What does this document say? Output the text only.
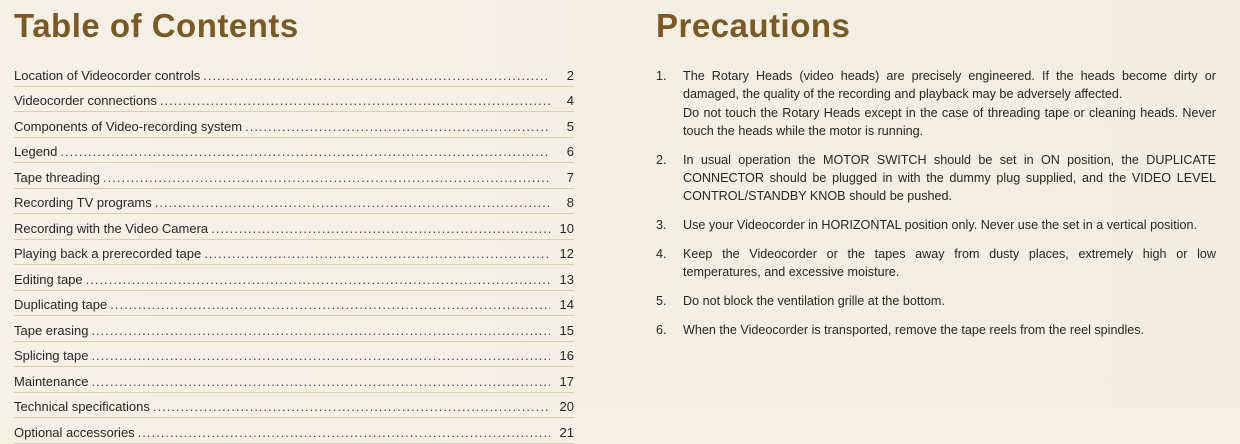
Table of Contents
Location of Videocorder controls .....	2
Videocorder connections .....	4
Components of Video-recording system .....	5
Legend .....	6
Tape threading .....	7
Recording TV programs .....	8
Recording with the Video Camera .....	10
Playing back a prerecorded tape .....	12
Editing tape .....	13
Duplicating tape .....	14
Tape erasing .....	15
Splicing tape .....	16
Maintenance .....	17
Technical specifications .....	20
Optional accessories .....	21
Precautions
1.	The Rotary Heads (video heads) are precisely engineered. If the heads become dirty or damaged, the quality of the recording and playback may be adversely affected.

Do not touch the Rotary Heads except in the case of threading tape or cleaning heads. Never touch the heads while the motor is running.

2.	In usual operation the MOTOR SWITCH should be set in ON position, the DUPLICATE CONNECTOR should be plugged in with the dummy plug supplied, and the VIDEO LEVEL CONTROL/STANDBY KNOB should be pushed.

3.	Use your Videocorder in HORIZONTAL position only. Never use the set in a vertical position.

4.	Keep the Videocorder or the tapes away from dusty places, extremely high or low temperatures, and excessive moisture.

5.	Do not block the ventilation grille at the bottom.

6.	When the Videocorder is transported, remove the tape reels from the reel spindles.
